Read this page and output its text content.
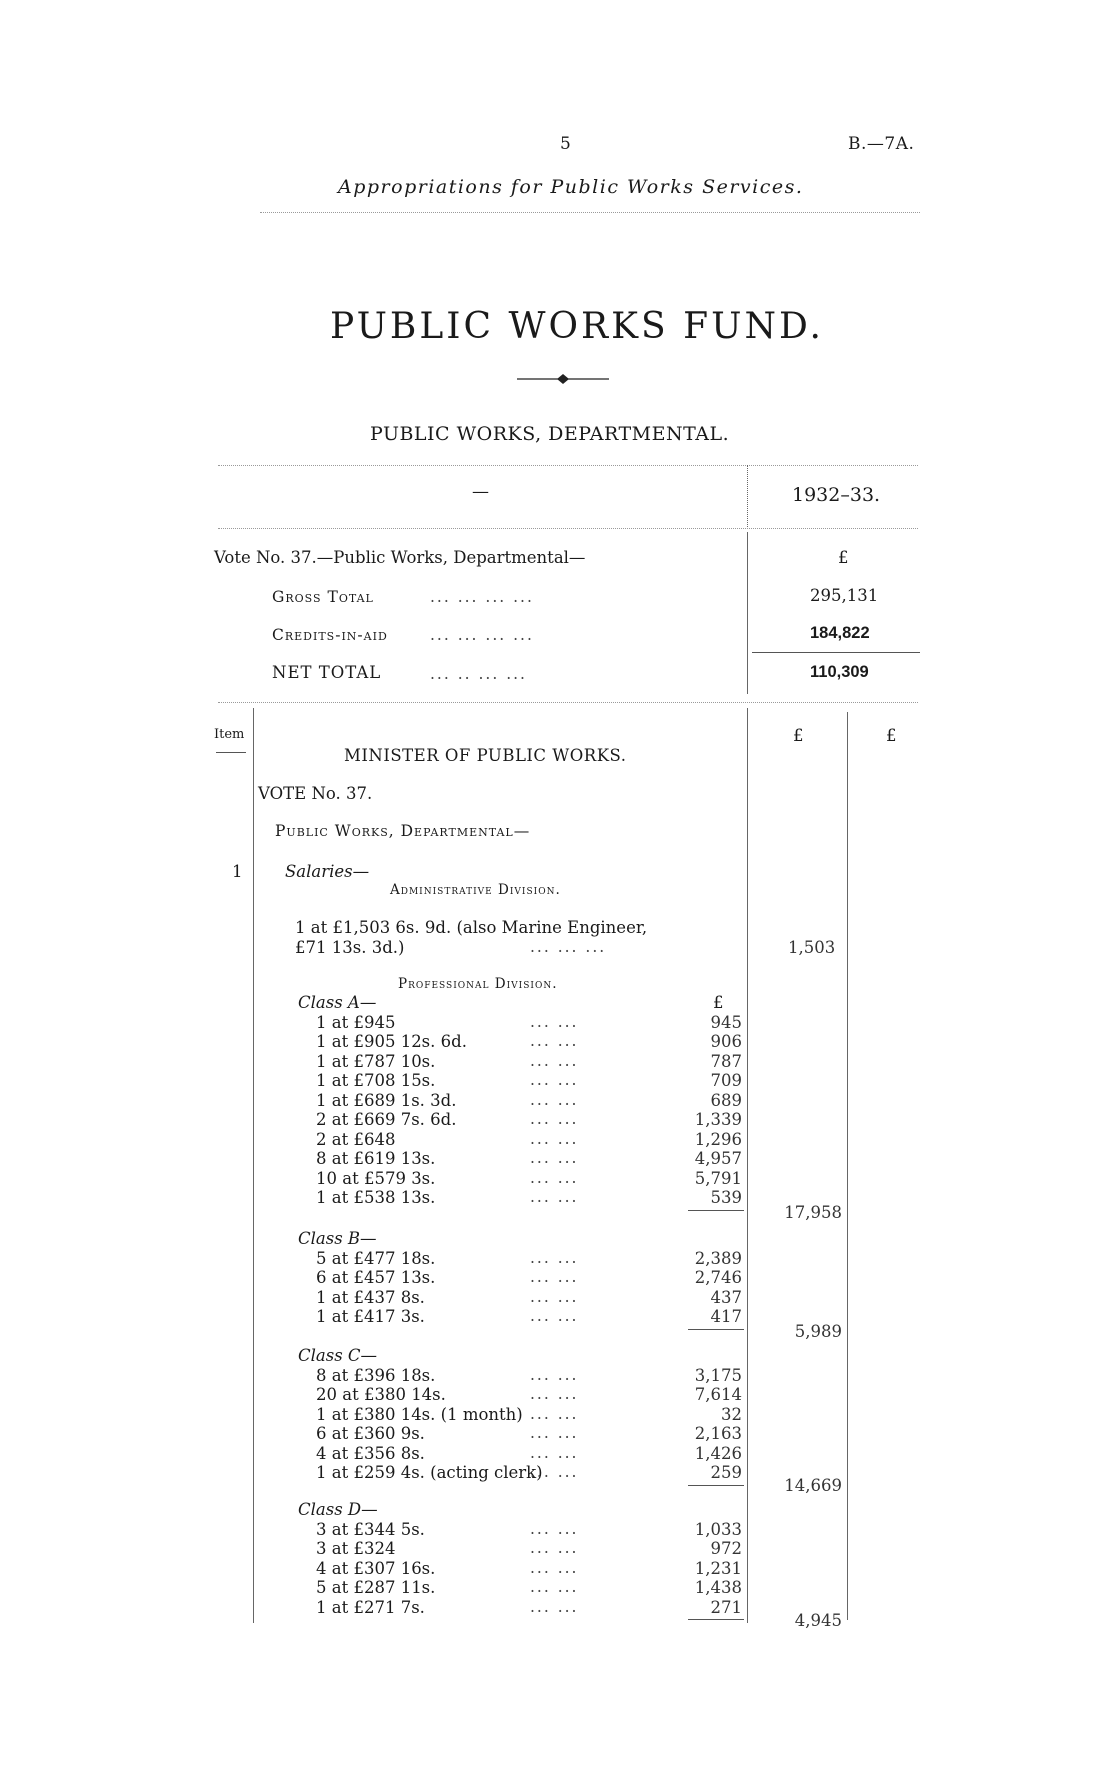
5	B.—7A.
Appropriations for Public Works Services.
PUBLIC WORKS FUND.
PUBLIC WORKS, DEPARTMENTAL.
—	1932–33.
Vote No. 37.—Public Works, Departmental—	£
Gross Total	... ... ... ...	295,131
Credits-in-aid	... ... ... ...	184,822
NET TOTAL	... .. ... ...	110,309
Item	£	£
MINISTER OF PUBLIC WORKS.
VOTE No. 37.
Public Works, Departmental—
1	Salaries—
Administrative Division.
1 at £1,503 6s. 9d. (also Marine Engineer,
£71 13s. 3d.)	... ... ...	1,503
Professional Division.
Class A—	£
1 at £945	... ...	945
1 at £905 12s. 6d.	... ...	906
1 at £787 10s.	... ...	787
1 at £708 15s.	... ...	709
1 at £689 1s. 3d.	... ...	689
2 at £669 7s. 6d.	... ...	1,339
2 at £648	... ...	1,296
8 at £619 13s.	... ...	4,957
10 at £579 3s.	... ...	5,791
1 at £538 13s.	... ...	539
17,958
Class B—
5 at £477 18s.	... ...	2,389
6 at £457 13s.	... ...	2,746
1 at £437 8s.	... ...	437
1 at £417 3s.	... ...	417
5,989
Class C—
8 at £396 18s.	... ...	3,175
20 at £380 14s.	... ...	7,614
1 at £380 14s. (1 month) ... ...	32
6 at £360 9s.	... ...	2,163
4 at £356 8s.	... ...	1,426
1 at £259 4s. (acting clerk)
... ...	259
14,669
Class D—
3 at £344 5s.	... ...	1,033
3 at £324	... ...	972
4 at £307 16s.	... ...	1,231
5 at £287 11s.	... ...	1,438
1 at £271 7s.	... ...	271
4,945
